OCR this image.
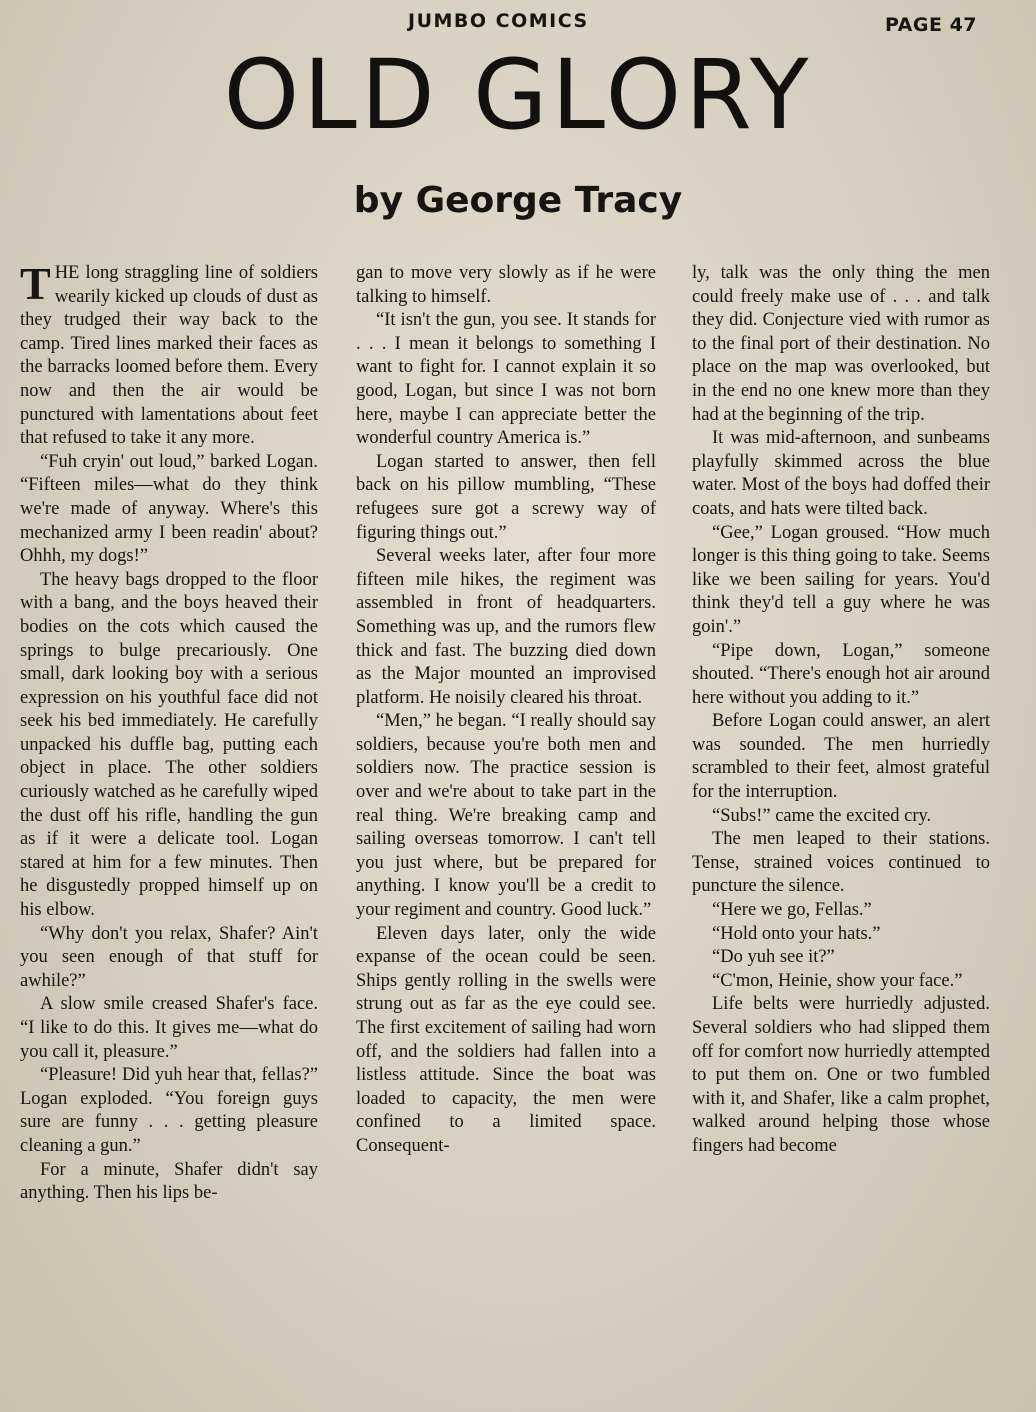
JUMBO COMICS	PAGE 47
OLD GLORY
by George Tracy

THE long straggling line of soldiers wearily kicked up clouds of dust as they trudged their way back to the camp. Tired lines marked their faces as the barracks loomed before them. Every now and then the air would be punctured with lamentations about feet that refused to take it any more.

“Fuh cryin' out loud,” barked Logan. “Fifteen miles—what do they think we're made of anyway. Where's this mechanized army I been readin' about? Ohhh, my dogs!”

The heavy bags dropped to the floor with a bang, and the boys heaved their bodies on the cots which caused the springs to bulge precariously. One small, dark looking boy with a serious expression on his youthful face did not seek his bed immediately. He carefully unpacked his duffle bag, putting each object in place. The other soldiers curiously watched as he carefully wiped the dust off his rifle, handling the gun as if it were a delicate tool. Logan stared at him for a few minutes. Then he disgustedly propped himself up on his elbow.

“Why don't you relax, Shafer? Ain't you seen enough of that stuff for awhile?”

A slow smile creased Shafer's face. “I like to do this. It gives me—what do you call it, pleasure.”

“Pleasure! Did yuh hear that, fellas?” Logan exploded. “You foreign guys sure are funny . . . getting pleasure cleaning a gun.”

For a minute, Shafer didn't say anything. Then his lips be-

gan to move very slowly as if he were talking to himself.

“It isn't the gun, you see. It stands for . . . I mean it belongs to something I want to fight for. I cannot explain it so good, Logan, but since I was not born here, maybe I can appreciate better the wonderful country America is.”

Logan started to answer, then fell back on his pillow mumbling, “These refugees sure got a screwy way of figuring things out.”

Several weeks later, after four more fifteen mile hikes, the regiment was assembled in front of headquarters. Something was up, and the rumors flew thick and fast. The buzzing died down as the Major mounted an improvised platform. He noisily cleared his throat.

“Men,” he began. “I really should say soldiers, because you're both men and soldiers now. The practice session is over and we're about to take part in the real thing. We're breaking camp and sailing overseas tomorrow. I can't tell you just where, but be prepared for anything. I know you'll be a credit to your regiment and country. Good luck.”

Eleven days later, only the wide expanse of the ocean could be seen. Ships gently rolling in the swells were strung out as far as the eye could see. The first excitement of sailing had worn off, and the soldiers had fallen into a listless attitude. Since the boat was loaded to capacity, the men were confined to a limited space. Consequent-

ly, talk was the only thing the men could freely make use of . . . and talk they did. Conjecture vied with rumor as to the final port of their destination. No place on the map was overlooked, but in the end no one knew more than they had at the beginning of the trip.

It was mid-afternoon, and sunbeams playfully skimmed across the blue water. Most of the boys had doffed their coats, and hats were tilted back.

“Gee,” Logan groused. “How much longer is this thing going to take. Seems like we been sailing for years. You'd think they'd tell a guy where he was goin'.”

“Pipe down, Logan,” someone shouted. “There's enough hot air around here without you adding to it.”

Before Logan could answer, an alert was sounded. The men hurriedly scrambled to their feet, almost grateful for the interruption.

“Subs!” came the excited cry.

The men leaped to their stations. Tense, strained voices continued to puncture the silence.

“Here we go, Fellas.”

“Hold onto your hats.”

“Do yuh see it?”

“C'mon, Heinie, show your face.”

Life belts were hurriedly adjusted. Several soldiers who had slipped them off for comfort now hurriedly attempted to put them on. One or two fumbled with it, and Shafer, like a calm prophet, walked around helping those whose fingers had become
